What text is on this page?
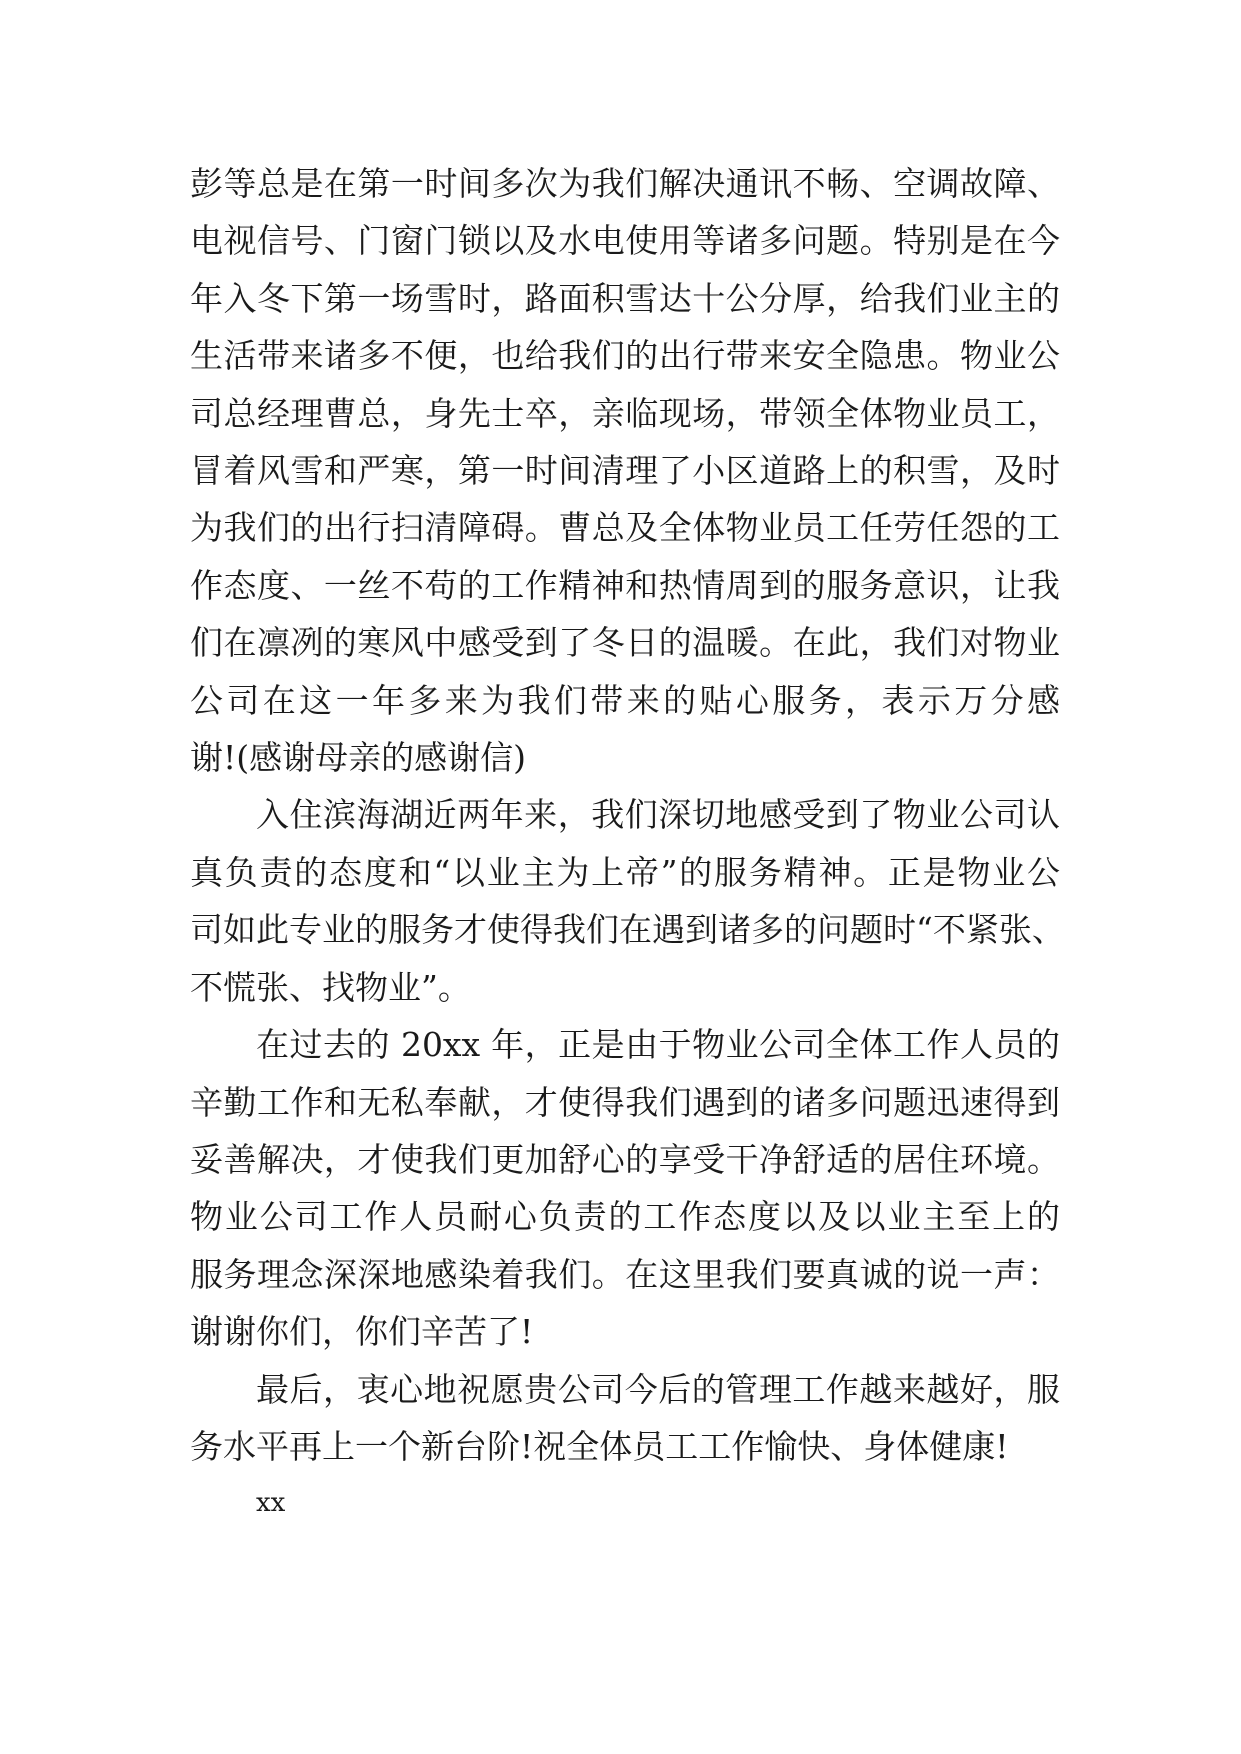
彭等总是在第一时间多次为我们解决通讯不畅、空调故障、
电视信号、门窗门锁以及水电使用等诸多问题。特别是在今
年入冬下第一场雪时，路面积雪达十公分厚，给我们业主的
生活带来诸多不便，也给我们的出行带来安全隐患。物业公
司总经理曹总，身先士卒，亲临现场，带领全体物业员工，
冒着风雪和严寒，第一时间清理了小区道路上的积雪，及时
为我们的出行扫清障碍。曹总及全体物业员工任劳任怨的工
作态度、一丝不苟的工作精神和热情周到的服务意识，让我
们在凛冽的寒风中感受到了冬日的温暖。在此，我们对物业
公司在这一年多来为我们带来的贴心服务，表示万分感
谢!(感谢母亲的感谢信)
入住滨海湖近两年来，我们深切地感受到了物业公司认
真负责的态度和“以业主为上帝”的服务精神。正是物业公
司如此专业的服务才使得我们在遇到诸多的问题时“不紧张、
不慌张、找物业”。
在过去的 20xx 年，正是由于物业公司全体工作人员的
辛勤工作和无私奉献，才使得我们遇到的诸多问题迅速得到
妥善解决，才使我们更加舒心的享受干净舒适的居住环境。
物业公司工作人员耐心负责的工作态度以及以业主至上的
服务理念深深地感染着我们。在这里我们要真诚的说一声：
谢谢你们，你们辛苦了!
最后，衷心地祝愿贵公司今后的管理工作越来越好，服
务水平再上一个新台阶!祝全体员工工作愉快、身体健康!
xx
